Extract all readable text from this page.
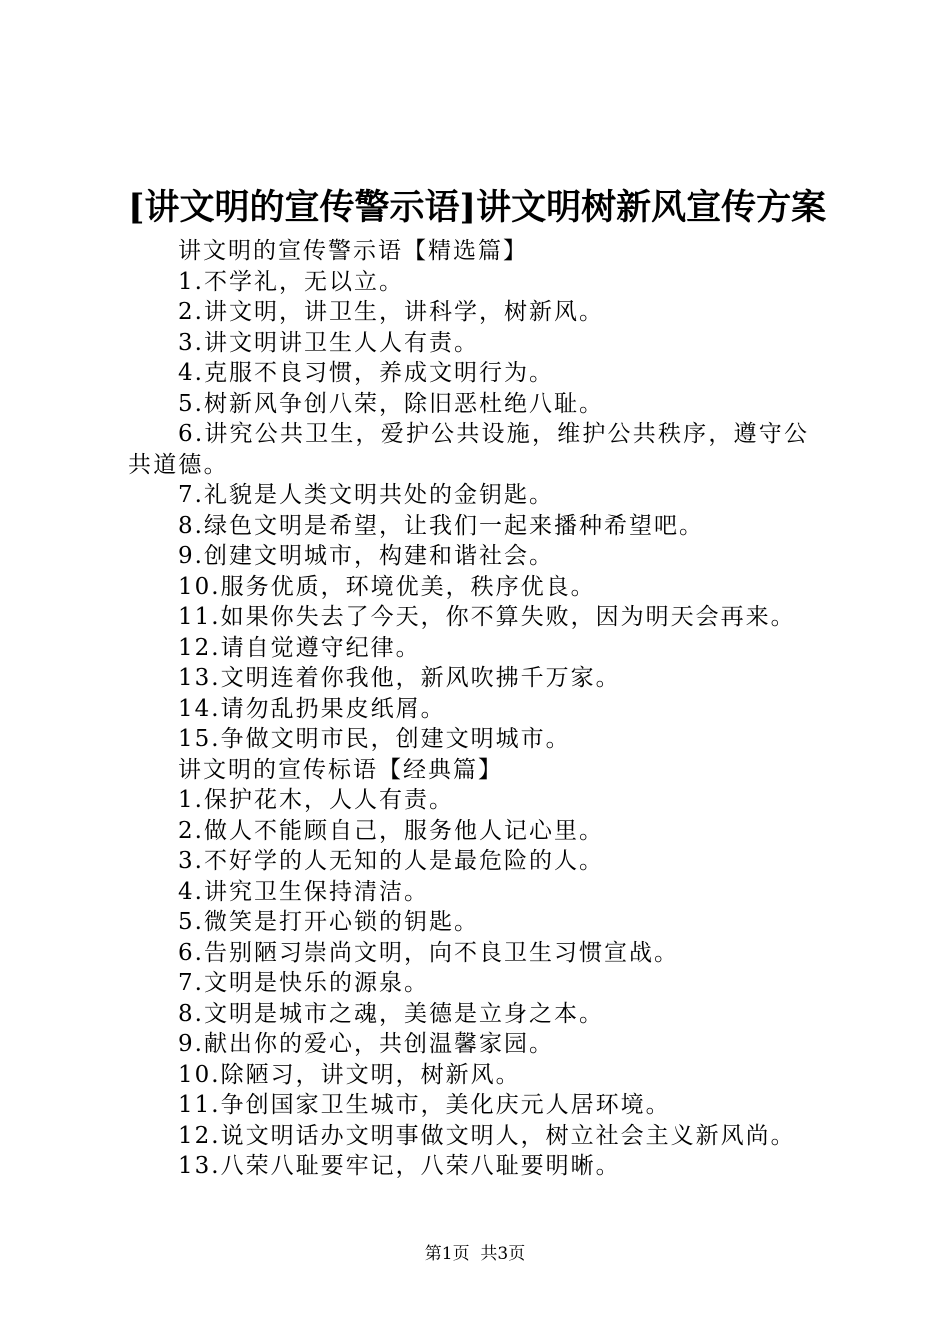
[讲文明的宣传警示语]讲文明树新风宣传方案

讲文明的宣传警示语【精选篇】

1.不学礼，无以立。

2.讲文明，讲卫生，讲科学，树新风。

3.讲文明讲卫生人人有责。

4.克服不良习惯，养成文明行为。

5.树新风争创八荣，除旧恶杜绝八耻。

6.讲究公共卫生，爱护公共设施，维护公共秩序，遵守公共道德。

7.礼貌是人类文明共处的金钥匙。

8.绿色文明是希望，让我们一起来播种希望吧。

9.创建文明城市，构建和谐社会。

10.服务优质，环境优美，秩序优良。

11.如果你失去了今天，你不算失败，因为明天会再来。

12.请自觉遵守纪律。

13.文明连着你我他，新风吹拂千万家。

14.请勿乱扔果皮纸屑。

15.争做文明市民，创建文明城市。

讲文明的宣传标语【经典篇】

1.保护花木，人人有责。

2.做人不能顾自己，服务他人记心里。

3.不好学的人无知的人是最危险的人。

4.讲究卫生保持清洁。

5.微笑是打开心锁的钥匙。

6.告别陋习崇尚文明，向不良卫生习惯宣战。

7.文明是快乐的源泉。

8.文明是城市之魂，美德是立身之本。

9.献出你的爱心，共创温馨家园。

10.除陋习，讲文明，树新风。

11.争创国家卫生城市，美化庆元人居环境。

12.说文明话办文明事做文明人，树立社会主义新风尚。

13.八荣八耻要牢记，八荣八耻要明晰。

第1页  共3页
